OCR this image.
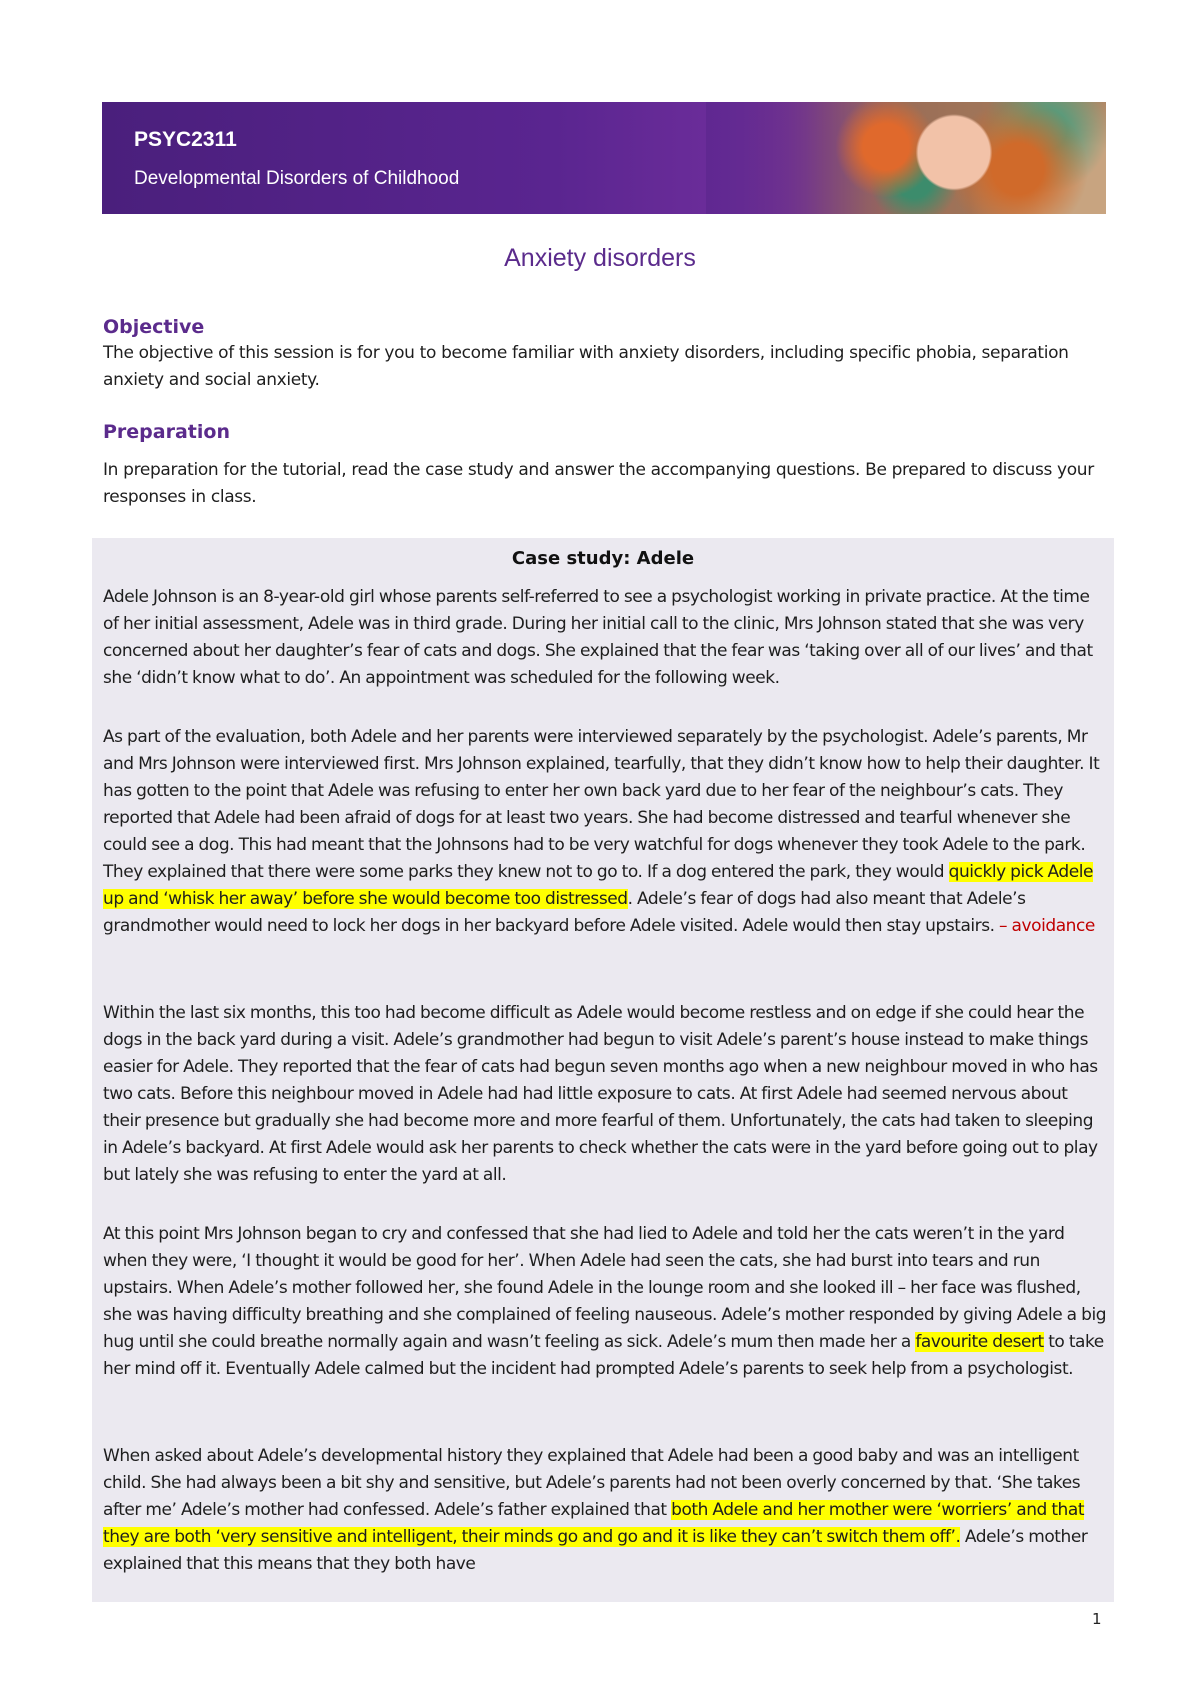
PSYC2311
Developmental Disorders of Childhood
Anxiety disorders
Objective
The objective of this session is for you to become familiar with anxiety disorders, including specific phobia, separation anxiety and social anxiety.
Preparation
In preparation for the tutorial, read the case study and answer the accompanying questions. Be prepared to discuss your responses in class.
Case study: Adele
Adele Johnson is an 8-year-old girl whose parents self-referred to see a psychologist working in private practice. At the time of her initial assessment, Adele was in third grade. During her initial call to the clinic, Mrs Johnson stated that she was very concerned about her daughter’s fear of cats and dogs. She explained that the fear was ‘taking over all of our lives’ and that she ‘didn’t know what to do’. An appointment was scheduled for the following week.
As part of the evaluation, both Adele and her parents were interviewed separately by the psychologist. Adele’s parents, Mr and Mrs Johnson were interviewed first. Mrs Johnson explained, tearfully, that they didn’t know how to help their daughter. It has gotten to the point that Adele was refusing to enter her own back yard due to her fear of the neighbour’s cats. They reported that Adele had been afraid of dogs for at least two years. She had become distressed and tearful whenever she could see a dog. This had meant that the Johnsons had to be very watchful for dogs whenever they took Adele to the park. They explained that there were some parks they knew not to go to. If a dog entered the park, they would quickly pick Adele up and ‘whisk her away’ before she would become too distressed. Adele’s fear of dogs had also meant that Adele’s grandmother would need to lock her dogs in her backyard before Adele visited. Adele would then stay upstairs. – avoidance
Within the last six months, this too had become difficult as Adele would become restless and on edge if she could hear the dogs in the back yard during a visit. Adele’s grandmother had begun to visit Adele’s parent’s house instead to make things easier for Adele. They reported that the fear of cats had begun seven months ago when a new neighbour moved in who has two cats. Before this neighbour moved in Adele had had little exposure to cats. At first Adele had seemed nervous about their presence but gradually she had become more and more fearful of them. Unfortunately, the cats had taken to sleeping in Adele’s backyard. At first Adele would ask her parents to check whether the cats were in the yard before going out to play but lately she was refusing to enter the yard at all.
At this point Mrs Johnson began to cry and confessed that she had lied to Adele and told her the cats weren’t in the yard when they were, ‘I thought it would be good for her’. When Adele had seen the cats, she had burst into tears and run upstairs. When Adele’s mother followed her, she found Adele in the lounge room and she looked ill – her face was flushed, she was having difficulty breathing and she complained of feeling nauseous. Adele’s mother responded by giving Adele a big hug until she could breathe normally again and wasn’t feeling as sick. Adele’s mum then made her a favourite desert to take her mind off it. Eventually Adele calmed but the incident had prompted Adele’s parents to seek help from a psychologist.
When asked about Adele’s developmental history they explained that Adele had been a good baby and was an intelligent child. She had always been a bit shy and sensitive, but Adele’s parents had not been overly concerned by that. ‘She takes after me’ Adele’s mother had confessed. Adele’s father explained that both Adele and her mother were ‘worriers’ and that they are both ‘very sensitive and intelligent, their minds go and go and it is like they can’t switch them off’. Adele’s mother explained that this means that they both have
1
